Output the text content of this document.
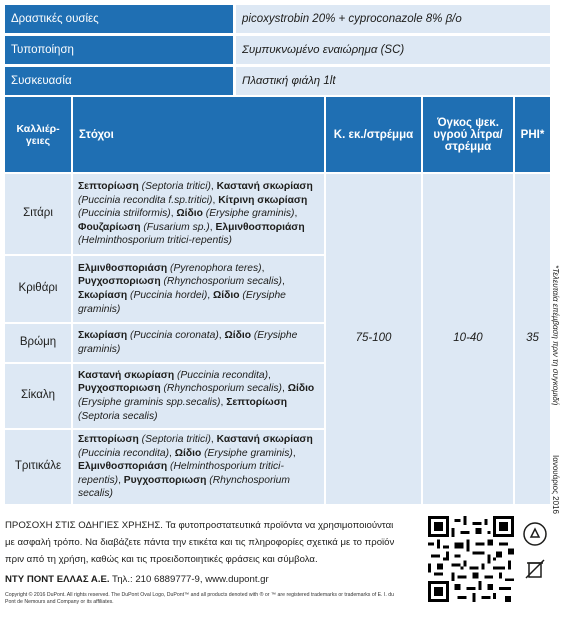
Δραστικές ουσίες	picoxystrobin 20% + cyproconazole 8% β/ο
Τυποποίηση	Συμπυκνωμένο εναιώρημα (SC)
Συσκευασία	Πλαστική φιάλη 1lt
Καλλιέρ-γειες	Στόχοι	Κ. εκ./στρέμμα	Όγκος ψεκ. υγρού λίτρα/στρέμμα	PHI*
Σιτάρι	Σεπτορίωση (Septoria tritici), Καστανή σκωρίαση (Puccinia recondita f.sp.tritici), Κίτρινη σκωρίαση (Puccinia striiformis), Ωίδιο (Erysiphe graminis), Φουζαρίωση (Fusarium sp.), Ελμινθοσποριάση (Helminthosporium tritici-repentis)	75-100	10-40	35
Κριθάρι	Ελμινθοσποριάση (Pyrenophora teres), Ρυγχοσποριωση (Rhynchosporium secalis), Σκωρίαση (Puccinia hordei), Ωίδιο (Erysiphe graminis)			
Βρώμη	Σκωρίαση (Puccinia coronata), Ωίδιο (Erysiphe graminis)			
Σίκαλη	Καστανή σκωρίαση (Puccinia recondita), Ρυγχοσποριωση (Rhynchosporium secalis), Ωίδιο (Erysiphe graminis spp.secalis), Σεπτορίωση (Septoria secalis)			
Τριτικάλε	Σεπτορίωση (Septoria tritici), Καστανή σκωρίαση (Puccinia recondita), Ωίδιο (Erysiphe graminis), Ελμινθοσποριάση (Helminthosporium tritici-repentis), Ρυγχοσποριωση (Rhynchosporium secalis)			
*Τελευταία επέμβαση πριν τη συγκομιδή
Ιανουάριος 2016
ΠΡΟΣΟΧΗ ΣΤΙΣ ΟΔΗΓΙΕΣ ΧΡΗΣΗΣ. Τα φυτοπροστατευτικά προϊόντα να χρησιμοποιούνται με ασφαλή τρόπο. Να διαβάζετε πάντα την ετικέτα και τις πληροφορίες σχετικά με το προϊόν πριν από τη χρήση, καθώς και τις προειδοποιητικές φράσεις και σύμβολα.
ΝΤΥ ΠΟΝΤ ΕΛΛΑΣ Α.Ε. Τηλ.: 210 6889777-9, www.dupont.gr
Copyright © 2016 DuPont. All rights reserved. The DuPont Oval Logo, DuPont™ and all products denoted with ® or ™ are registered trademarks or trademarks of E. I. du Pont de Nemours and Company or its affiliates.
